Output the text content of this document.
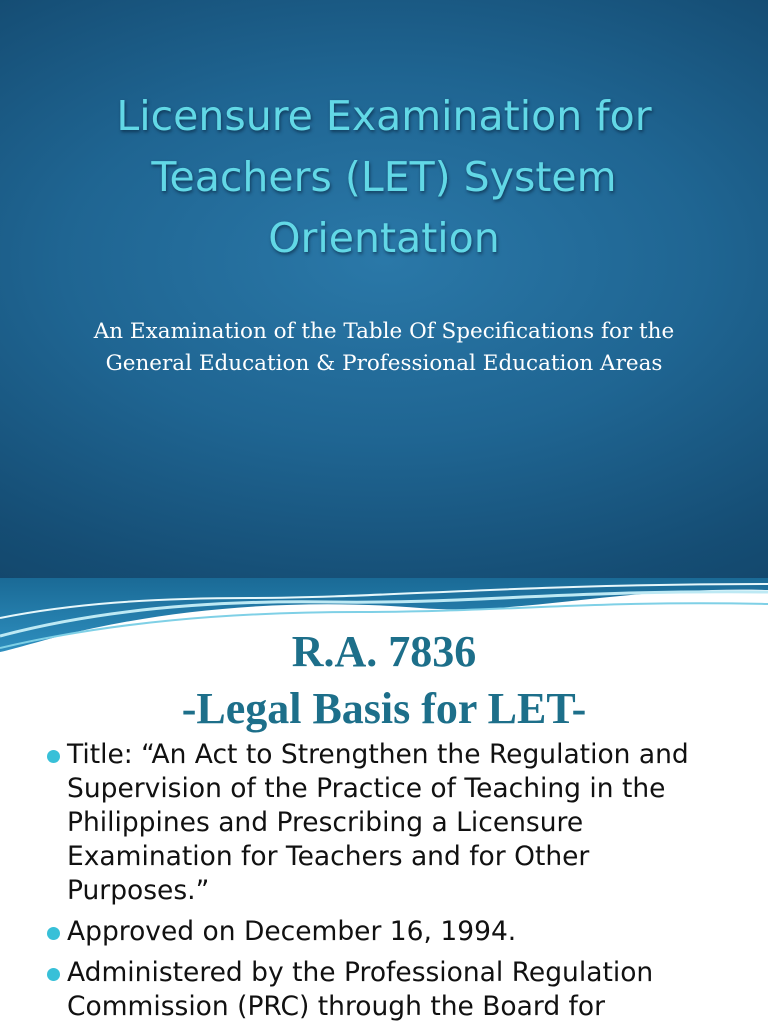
Licensure Examination for
Teachers (LET) System
Orientation

An Examination of the Table Of Specifications for the
General Education & Professional Education Areas

R.A. 7836
-Legal Basis for LET-
Title: “An Act to Strengthen the Regulation and Supervision of the Practice of Teaching in the Philippines and Prescribing a Licensure Examination for Teachers and for Other Purposes.”
Approved on December 16, 1994.
Administered by the Professional Regulation Commission (PRC) through the Board for
